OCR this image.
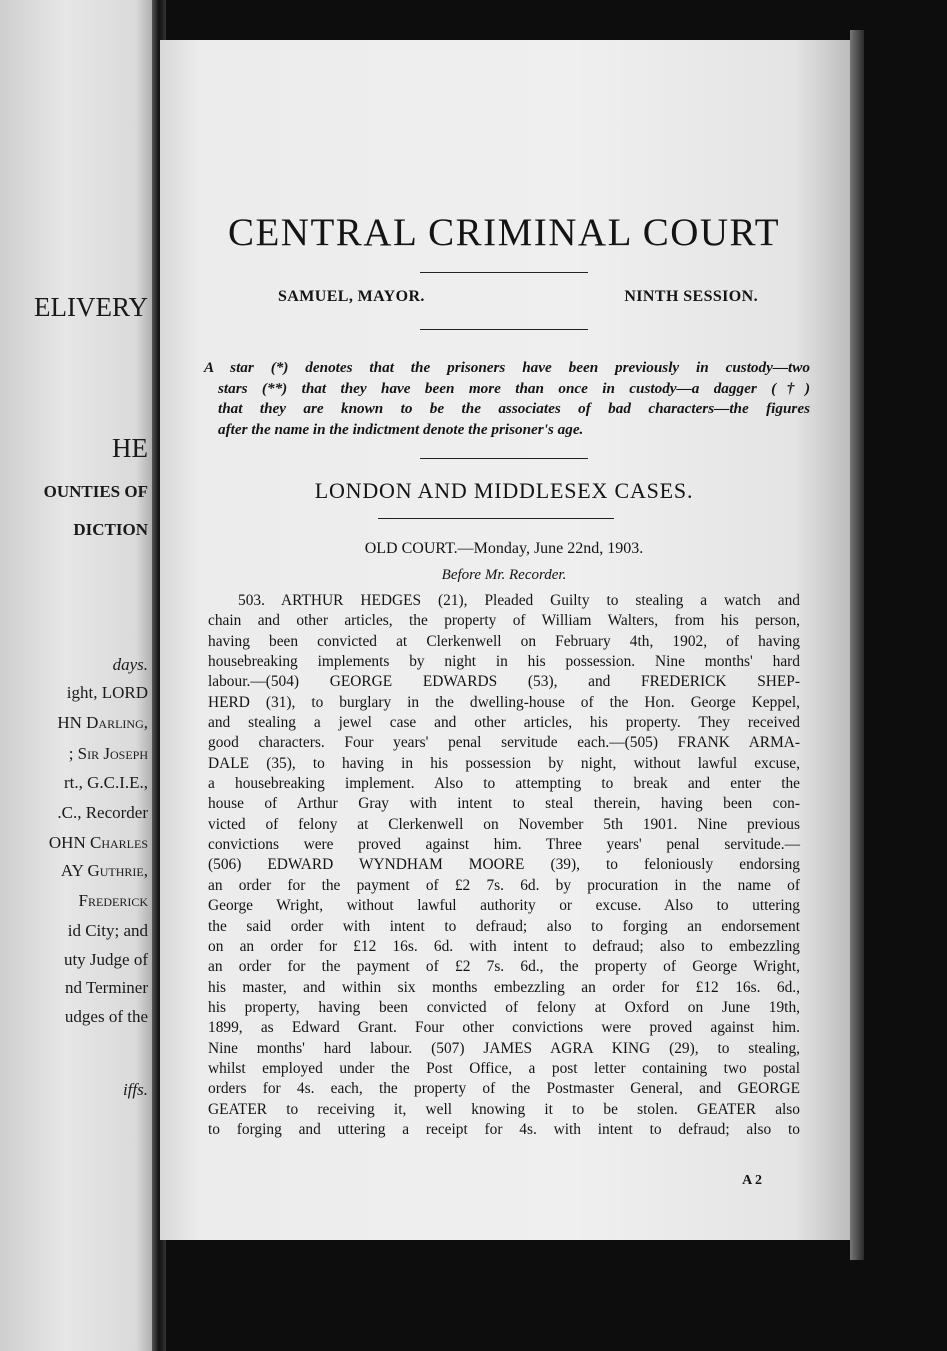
ELIVERY
HE
OUNTIES OF
DICTION
days.
ight, LORD
HN Darling,
; Sir Joseph
rt., G.C.I.E.,
.C., Recorder
OHN Charles
AY Guthrie,
Frederick
id City; and
uty Judge of
nd Terminer
udges of the
iffs.
CENTRAL CRIMINAL COURT
SAMUEL, MAYOR.	NINTH SESSION.
A star (*) denotes that the prisoners have been previously in custody—two
stars (**) that they have been more than once in custody—a dagger (†)
that they are known to be the associates of bad characters—the figures
after the name in the indictment denote the prisoner's age.
LONDON AND MIDDLESEX CASES.
OLD COURT.—Monday, June 22nd, 1903.
Before Mr. Recorder.
503. ARTHUR HEDGES (21), Pleaded Guilty to stealing a watch and
chain and other articles, the property of William Walters, from his person,
having been convicted at Clerkenwell on February 4th, 1902, of having
housebreaking implements by night in his possession. Nine months' hard
labour.—(504) GEORGE EDWARDS (53), and FREDERICK SHEP-
HERD (31), to burglary in the dwelling-house of the Hon. George Keppel,
and stealing a jewel case and other articles, his property. They received
good characters. Four years' penal servitude each.—(505) FRANK ARMA-
DALE (35), to having in his possession by night, without lawful excuse,
a housebreaking implement. Also to attempting to break and enter the
house of Arthur Gray with intent to steal therein, having been con-
victed of felony at Clerkenwell on November 5th 1901. Nine previous
convictions were proved against him. Three years' penal servitude.—
(506) EDWARD WYNDHAM MOORE (39), to feloniously endorsing
an order for the payment of £2 7s. 6d. by procuration in the name of
George Wright, without lawful authority or excuse. Also to uttering
the said order with intent to defraud; also to forging an endorsement
on an order for £12 16s. 6d. with intent to defraud; also to embezzling
an order for the payment of £2 7s. 6d., the property of George Wright,
his master, and within six months embezzling an order for £12 16s. 6d.,
his property, having been convicted of felony at Oxford on June 19th,
1899, as Edward Grant. Four other convictions were proved against him.
Nine months' hard labour. (507) JAMES AGRA KING (29), to stealing,
whilst employed under the Post Office, a post letter containing two postal
orders for 4s. each, the property of the Postmaster General, and GEORGE
GEATER to receiving it, well knowing it to be stolen. GEATER also
to forging and uttering a receipt for 4s. with intent to defraud; also to
A 2
